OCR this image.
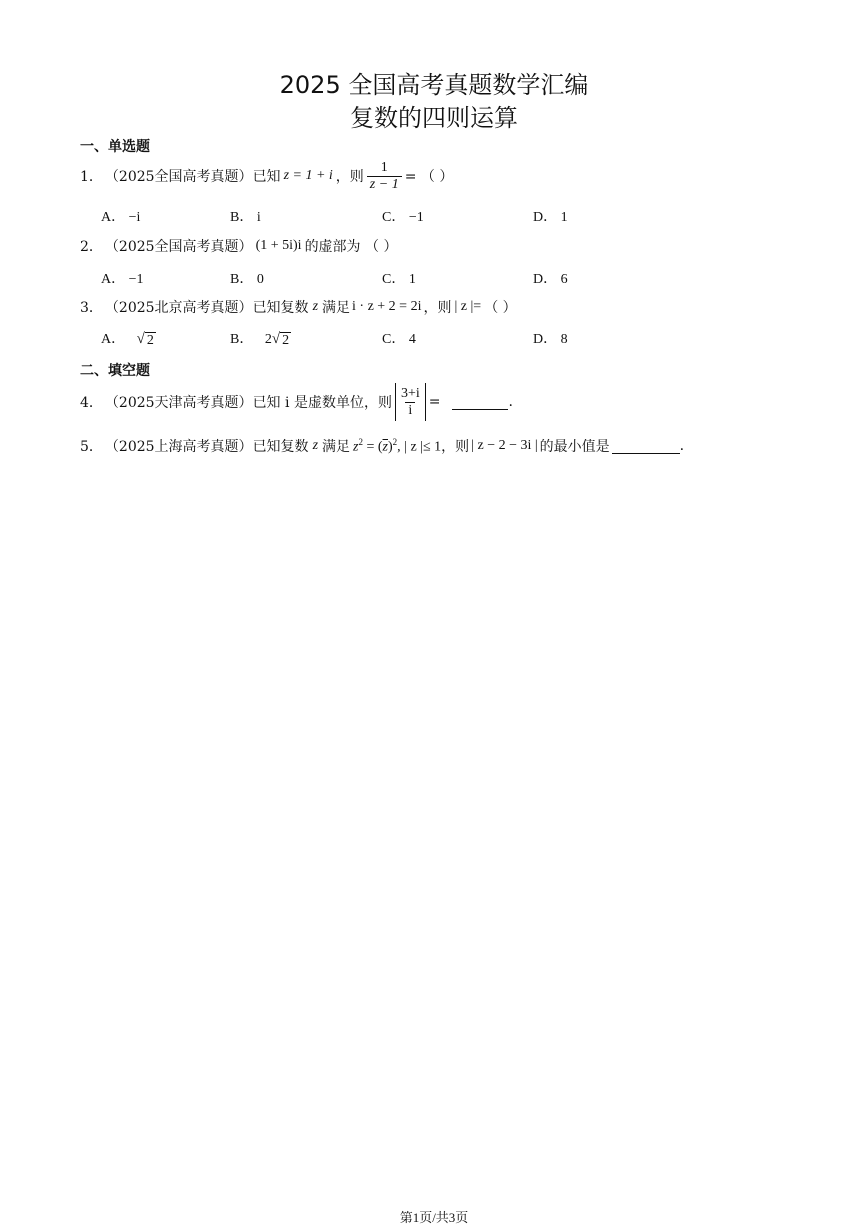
2025 全国高考真题数学汇编
复数的四则运算
一、单选题
1． （2025全国高考真题） 已知 z = 1 + i ，则 $\frac{1}{z - 1}$ = （ ）
A． −i	B． i	C． −1	D． 1
2． （2025全国高考真题） (1 + 5i)i 的虚部为 （ ）
A． −1	B． 0	C． 1	D． 6
3． （2025北京高考真题） 已知复数 z 满足 i · z + 2 = 2i ，则 | z |= （ ）
A． √ 2	B． 2 √ 2	C． 4	D． 8
二、填空题
4． （2025天津高考真题） 已知 i 是虚数单位，则 $\frac{3+i}{i}$ =	.
5． （2025上海高考真题） 已知复数 z 满足 $z^2 = (\overline{z})^2$, | z |≤ 1 ，则 | z − 2 − 3i | 的最小值是	.
第1页/共3页
